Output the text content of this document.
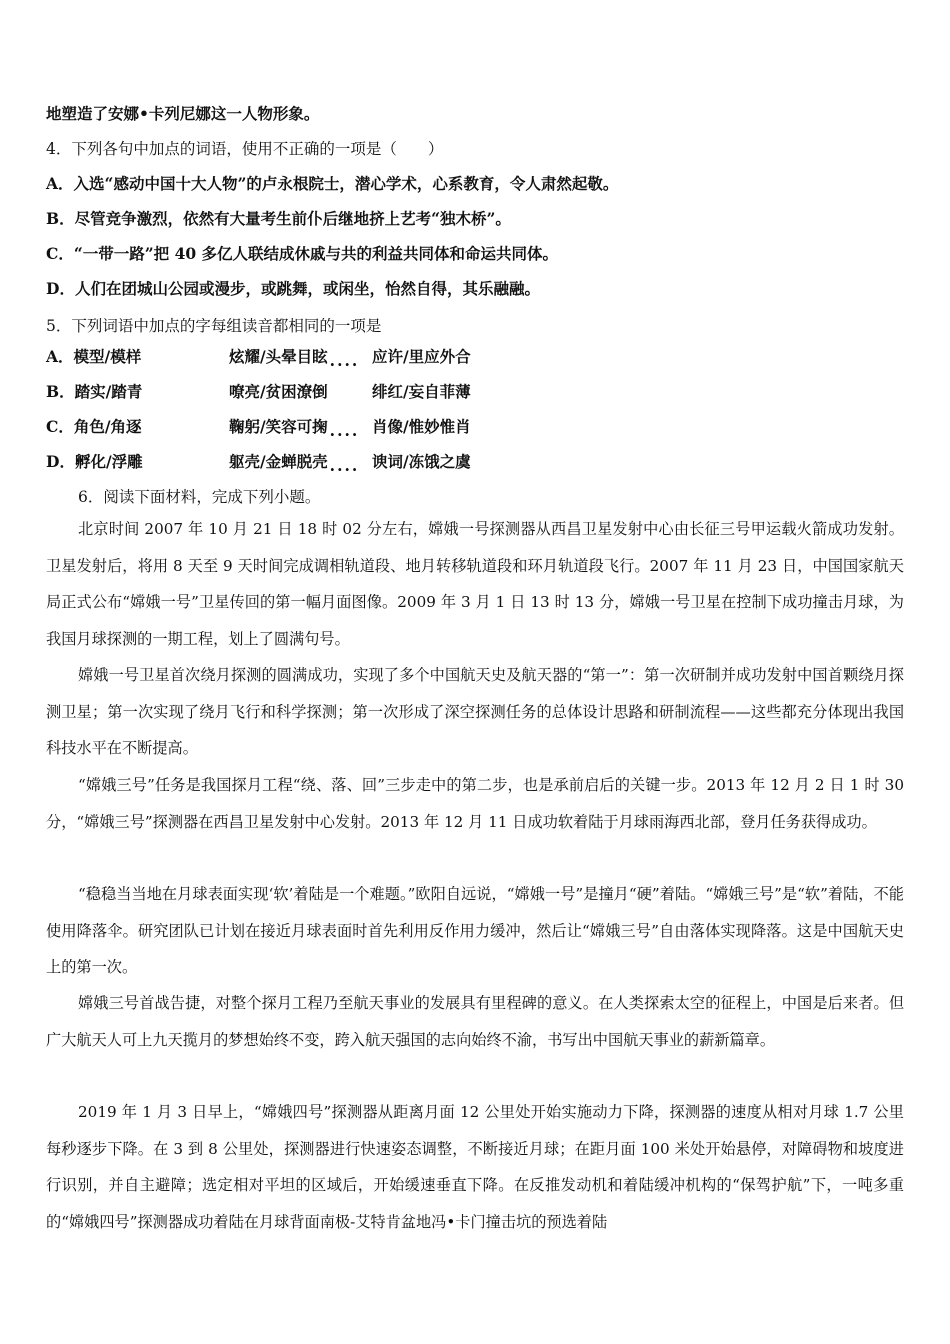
地塑造了安娜•卡列尼娜这一人物形象。
4．下列各句中加点的词语，使用不正确的一项是（　　）
A．入选“感动中国十大人物”的卢永根院士，潜心学术，心系教育，令人肃然起敬。
B．尽管竞争激烈，依然有大量考生前仆后继地挤上艺考“独木桥”。
C．“一带一路”把 40 多亿人联结成休戚与共的利益共同体和命运共同体。
D．人们在团城山公园或漫步，或跳舞，或闲坐，怡然自得，其乐融融。
5．下列词语中加点的字每组读音都相同的一项是
A．模型/模样	炫耀/头晕目眩 .... 应许/里应外合
B．踏实/踏青	嘹亮/贫困潦倒	绯红/妄自菲薄
C．角色/角逐	鞠躬/笑容可掬 .... 肖像/惟妙惟肖
D．孵化/浮雕	躯壳/金蝉脱壳 .... 谀词/冻饿之虞
6．阅读下面材料，完成下列小题。
北京时间 2007 年 10 月 21 日 18 时 02 分左右，嫦娥一号探测器从西昌卫星发射中心由长征三号甲运载火箭成功发射。卫星发射后，将用 8 天至 9 天时间完成调相轨道段、地月转移轨道段和环月轨道段飞行。2007 年 11 月 23 日，中国国家航天局正式公布“嫦娥一号”卫星传回的第一幅月面图像。2009 年 3 月 1 日 13 时 13 分，嫦娥一号卫星在控制下成功撞击月球，为我国月球探测的一期工程，划上了圆满句号。
嫦娥一号卫星首次绕月探测的圆满成功，实现了多个中国航天史及航天器的“第一”：第一次研制并成功发射中国首颗绕月探测卫星；第一次实现了绕月飞行和科学探测；第一次形成了深空探测任务的总体设计思路和研制流程——这些都充分体现出我国科技水平在不断提高。
“嫦娥三号”任务是我国探月工程“绕、落、回”三步走中的第二步，也是承前启后的关键一步。2013 年 12 月 2 日 1 时 30 分，“嫦娥三号”探测器在西昌卫星发射中心发射。2013 年 12 月 11 日成功软着陆于月球雨海西北部，登月任务获得成功。
“稳稳当当地在月球表面实现‘软’着陆是一个难题。”欧阳自远说，“嫦娥一号”是撞月“硬”着陆。“嫦娥三号”是“软”着陆，不能使用降落伞。研究团队已计划在接近月球表面时首先利用反作用力缓冲，然后让“嫦娥三号”自由落体实现降落。这是中国航天史上的第一次。
嫦娥三号首战告捷，对整个探月工程乃至航天事业的发展具有里程碑的意义。在人类探索太空的征程上，中国是后来者。但广大航天人可上九天揽月的梦想始终不变，跨入航天强国的志向始终不渝，书写出中国航天事业的薪新篇章。
2019 年 1 月 3 日早上，“嫦娥四号”探测器从距离月面 12 公里处开始实施动力下降，探测器的速度从相对月球 1.7 公里每秒逐步下降。在 3 到 8 公里处，探测器进行快速姿态调整，不断接近月球；在距月面 100 米处开始悬停，对障碍物和坡度进行识别，并自主避障；选定相对平坦的区域后，开始缓速垂直下降。在反推发动机和着陆缓冲机构的“保驾护航”下，一吨多重的“嫦娥四号”探测器成功着陆在月球背面南极-艾特肯盆地冯•卡门撞击坑的预选着陆
